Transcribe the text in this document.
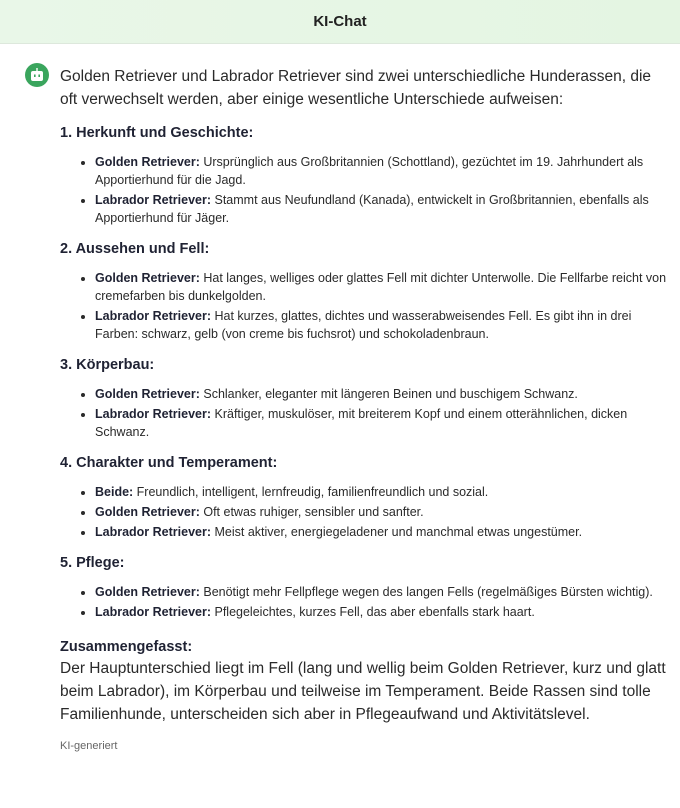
KI-Chat

Golden Retriever und Labrador Retriever sind zwei unterschiedliche Hunderassen, die oft verwechselt werden, aber einige wesentliche Unterschiede aufweisen:

1. Herkunft und Geschichte:
• Golden Retriever: Ursprünglich aus Großbritannien (Schottland), gezüchtet im 19. Jahrhundert als Apportierhund für die Jagd.
• Labrador Retriever: Stammt aus Neufundland (Kanada), entwickelt in Großbritannien, ebenfalls als Apportierhund für Jäger.
2. Aussehen und Fell:
• Golden Retriever: Hat langes, welliges oder glattes Fell mit dichter Unterwolle. Die Fellfarbe reicht von cremefarben bis dunkelgolden.
• Labrador Retriever: Hat kurzes, glattes, dichtes und wasserabweisendes Fell. Es gibt ihn in drei Farben: schwarz, gelb (von creme bis fuchsrot) und schokoladenbraun.
3. Körperbau:
• Golden Retriever: Schlanker, eleganter mit längeren Beinen und buschigem Schwanz.
• Labrador Retriever: Kräftiger, muskulöser, mit breiterem Kopf und einem otterähnlichen, dicken Schwanz.
4. Charakter und Temperament:
• Beide: Freundlich, intelligent, lernfreudig, familienfreundlich und sozial.
• Golden Retriever: Oft etwas ruhiger, sensibler und sanfter.
• Labrador Retriever: Meist aktiver, energiegeladener und manchmal etwas ungestümer.
5. Pflege:
• Golden Retriever: Benötigt mehr Fellpflege wegen des langen Fells (regelmäßiges Bürsten wichtig).
• Labrador Retriever: Pflegeleichtes, kurzes Fell, das aber ebenfalls stark haart.
Zusammengefasst:

Der Hauptunterschied liegt im Fell (lang und wellig beim Golden Retriever, kurz und glatt beim Labrador), im Körperbau und teilweise im Temperament. Beide Rassen sind tolle Familienhunde, unterscheiden sich aber in Pflegeaufwand und Aktivitätslevel.

KI-generiert
